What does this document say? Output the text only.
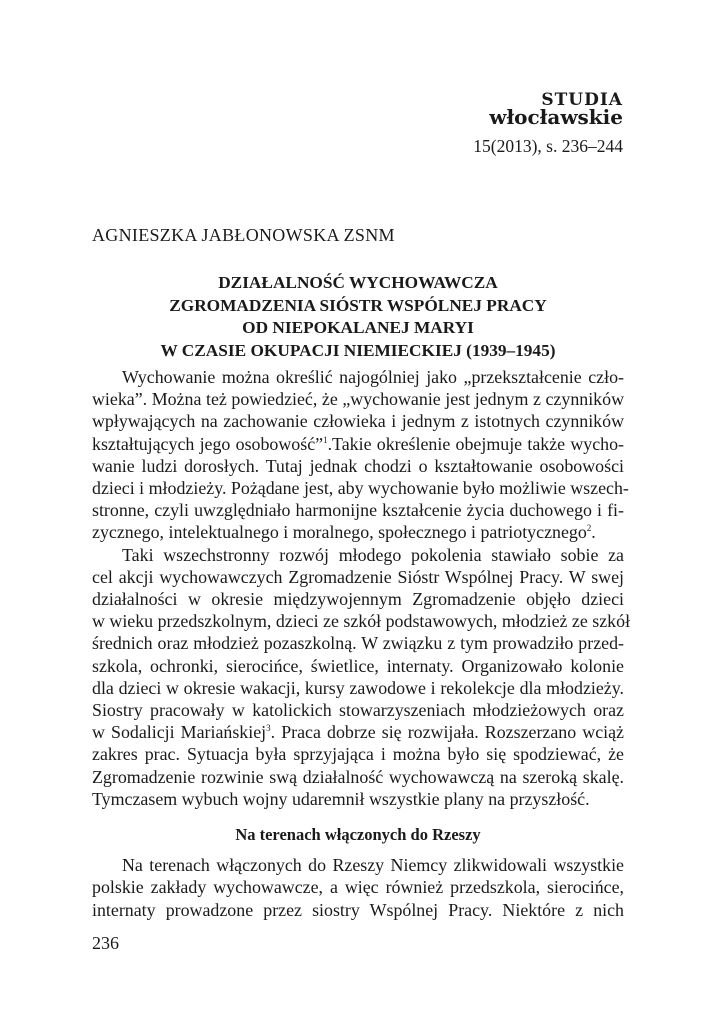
STUDIA
włocławskie
15(2013), s. 236–244
AGNIESZKA JABŁONOWSKA ZSNM
DZIAŁALNOŚĆ WYCHOWAWCZA
ZGROMADZENIA SIÓSTR WSPÓLNEJ PRACY
OD NIEPOKALANEJ MARYI
W CZASIE OKUPACJI NIEMIECKIEJ (1939–1945)
Wychowanie można określić najogólniej jako „przekształcenie czło-
wieka”. Można też powiedzieć, że „wychowanie jest jednym z czynników
wpływających na zachowanie człowieka i jednym z istotnych czynników
kształtujących jego osobowość”$^1$.Takie określenie obejmuje także wycho-
wanie ludzi dorosłych. Tutaj jednak chodzi o kształtowanie osobowości
dzieci i młodzieży. Pożądane jest, aby wychowanie było możliwie wszech-
stronne, czyli uwzględniało harmonijne kształcenie życia duchowego i fi-
zycznego, intelektualnego i moralnego, społecznego i patriotycznego$^2$.
Taki wszechstronny rozwój młodego pokolenia stawiało sobie za
cel akcji wychowawczych Zgromadzenie Sióstr Wspólnej Pracy. W swej
działalności w okresie międzywojennym Zgromadzenie objęło dzieci
w wieku przedszkolnym, dzieci ze szkół podstawowych, młodzież ze szkół
średnich oraz młodzież pozaszkolną. W związku z tym prowadziło przed-
szkola, ochronki, sierocińce, świetlice, internaty. Organizowało kolonie
dla dzieci w okresie wakacji, kursy zawodowe i rekolekcje dla młodzieży.
Siostry pracowały w katolickich stowarzyszeniach młodzieżowych oraz
w Sodalicji Mariańskiej$^3$. Praca dobrze się rozwijała. Rozszerzano wciąż
zakres prac. Sytuacja była sprzyjająca i można było się spodziewać, że
Zgromadzenie rozwinie swą działalność wychowawczą na szeroką skalę.
Tymczasem wybuch wojny udaremnił wszystkie plany na przyszłość.
Na terenach włączonych do Rzeszy
Na terenach włączonych do Rzeszy Niemcy zlikwidowali wszystkie
polskie zakłady wychowawcze, a więc również przedszkola, sierocińce,
internaty prowadzone przez siostry Wspólnej Pracy. Niektóre z nich
236
